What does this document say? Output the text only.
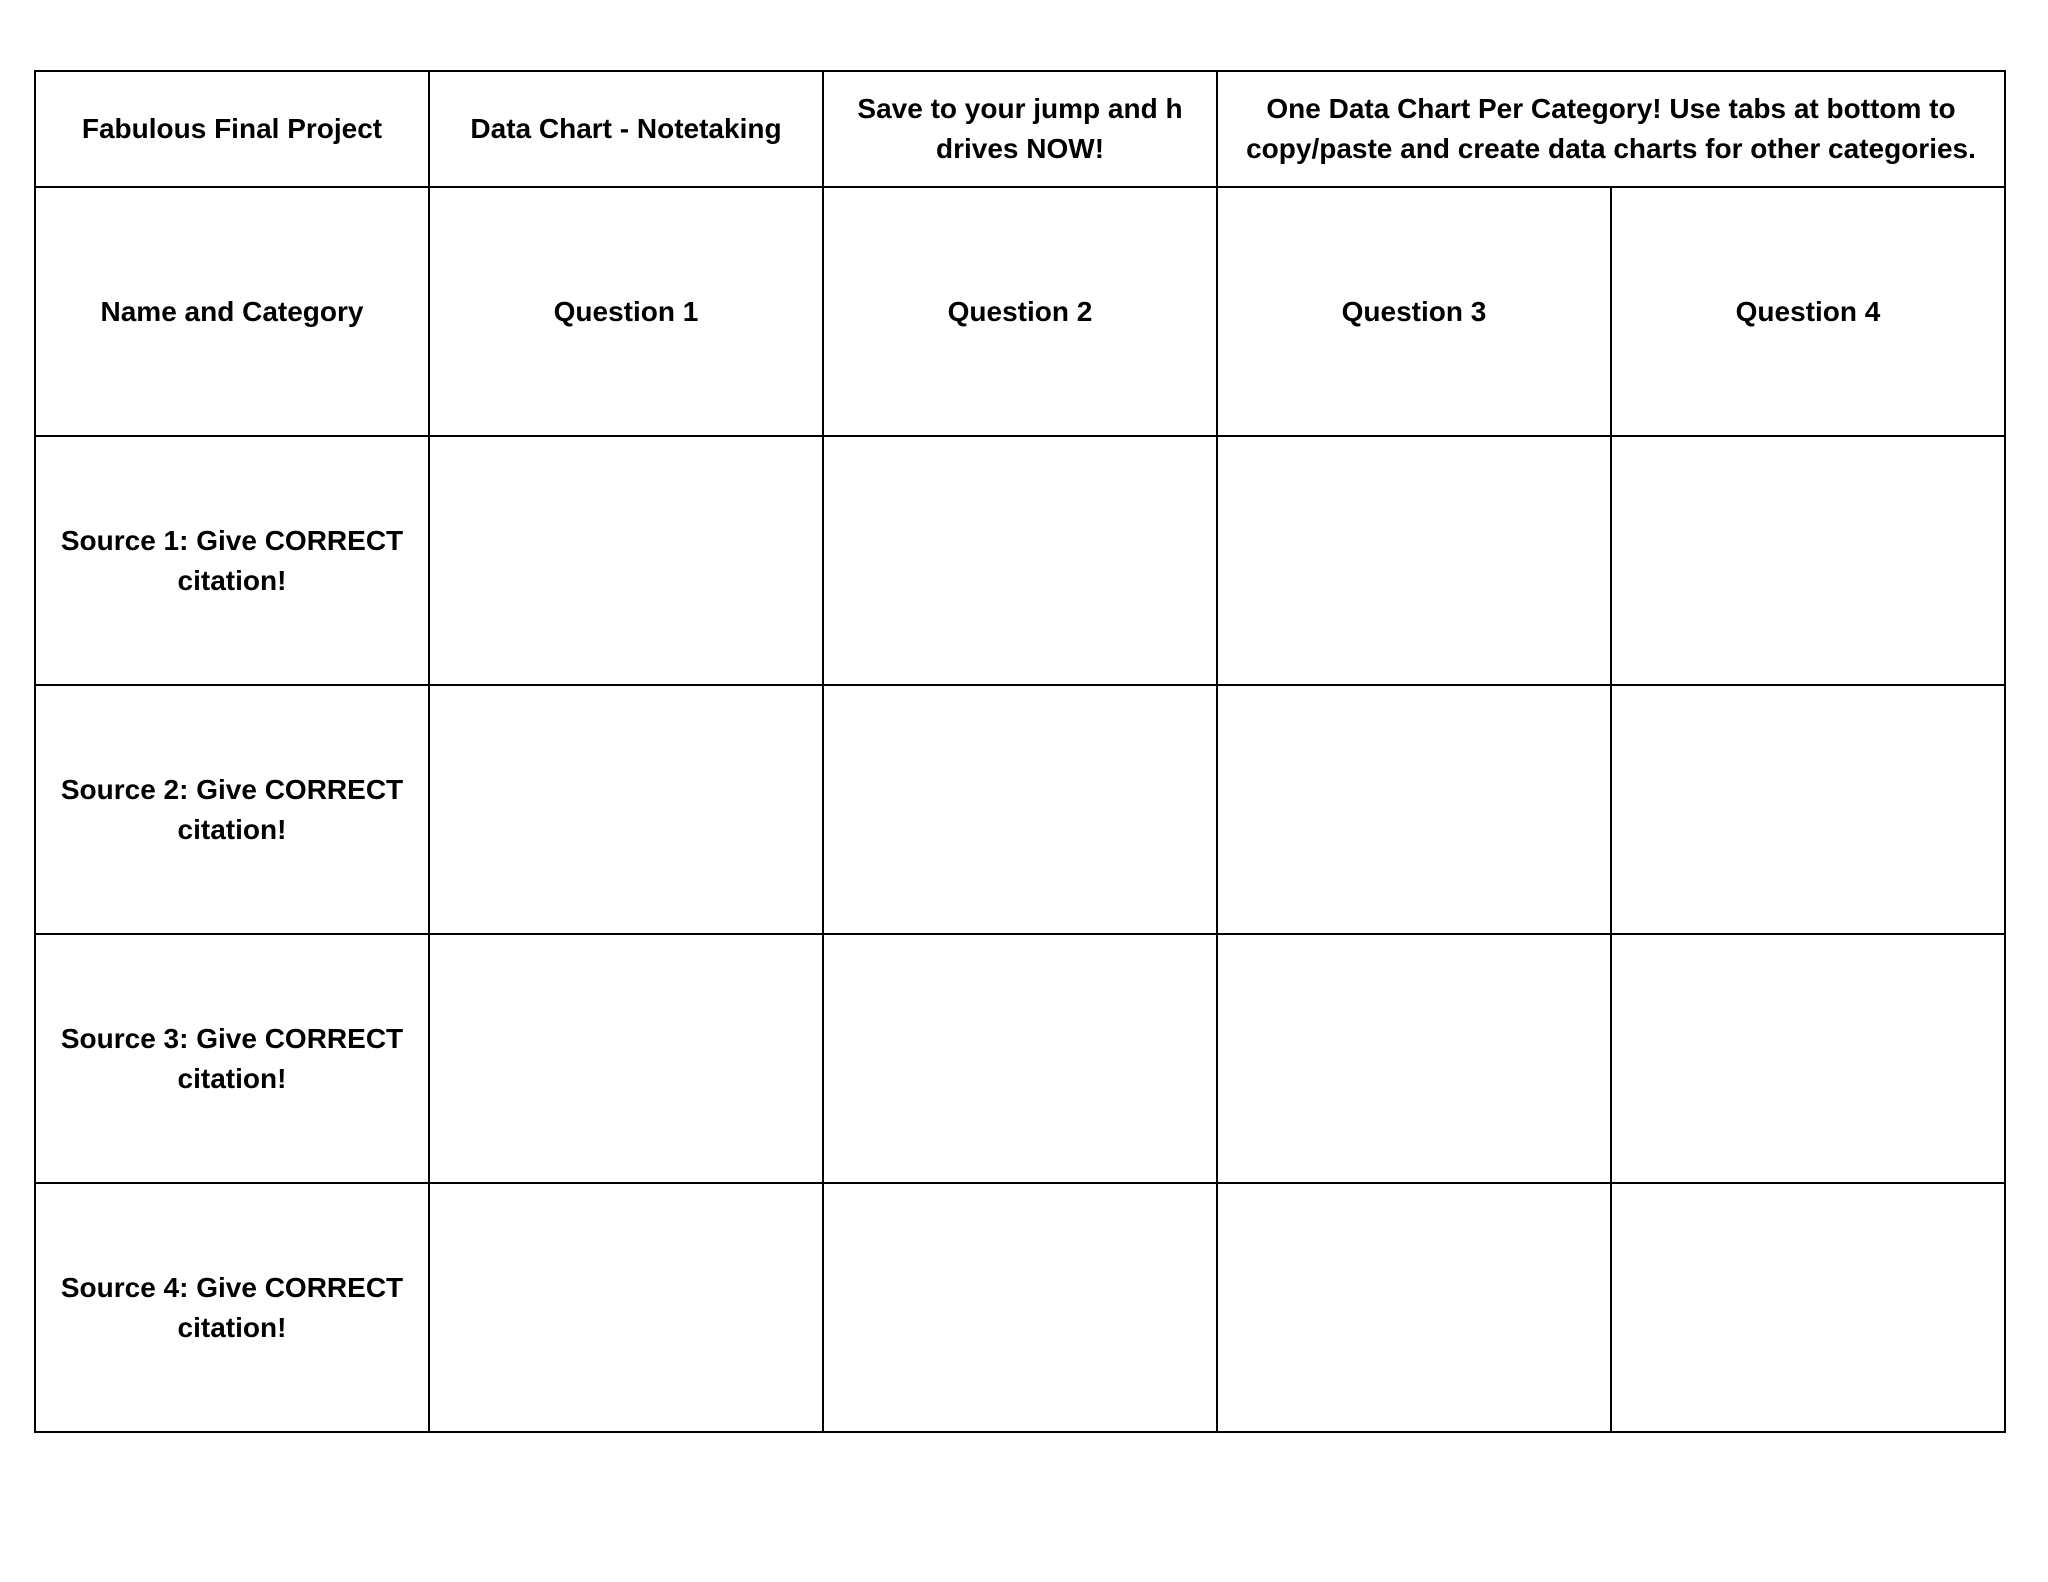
Fabulous Final Project	Data Chart - Notetaking	Save to your jump and h drives NOW!	One Data Chart Per Category! Use tabs at bottom to copy/paste and create data charts for other categories.	
Name and Category	Question 1	Question 2	Question 3	Question 4
Source 1: Give CORRECT citation!				
Source 2: Give CORRECT citation!				
Source 3: Give CORRECT citation!				
Source 4: Give CORRECT citation!				
